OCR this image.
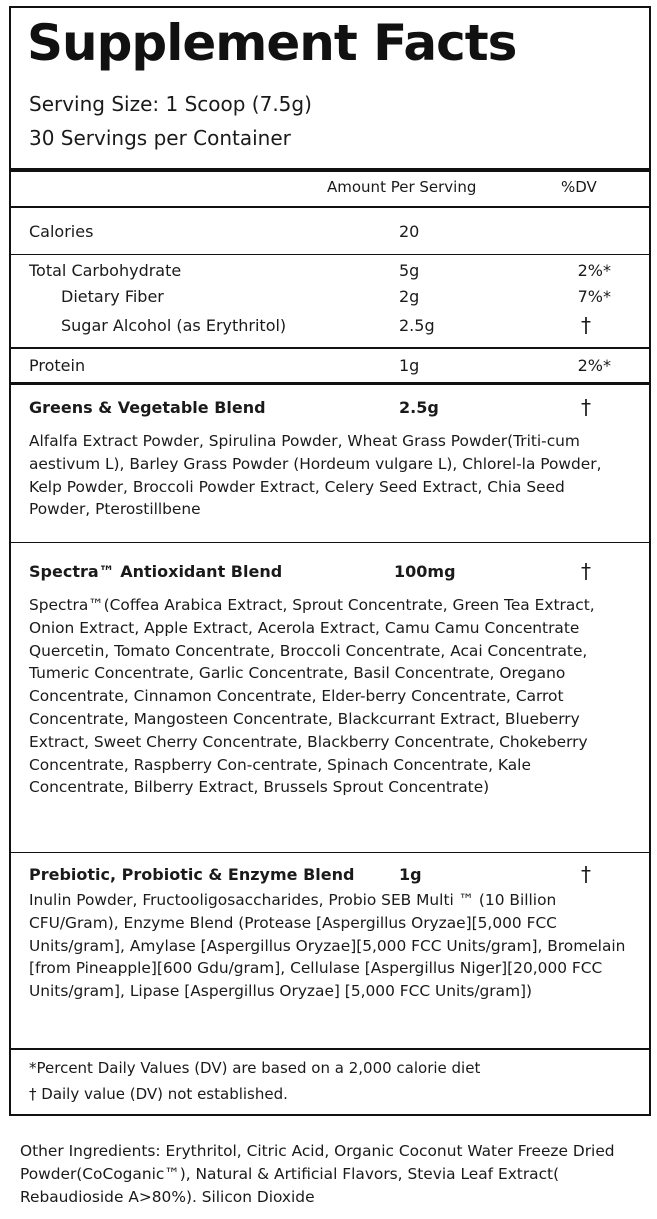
Supplement Facts
Serving Size: 1 Scoop (7.5g)
30 Servings per Container
Amount Per Serving	%DV
Calories	20
Total Carbohydrate	5g	2%*
Dietary Fiber	2g	7%*
Sugar Alcohol (as Erythritol)	2.5g	†
Protein	1g	2%*
Greens & Vegetable Blend	2.5g	†
Alfalfa Extract Powder, Spirulina Powder, Wheat Grass Powder(Triti-cum aestivum L), Barley Grass Powder (Hordeum vulgare L), Chlorel-la Powder, Kelp Powder, Broccoli Powder Extract, Celery Seed Extract, Chia Seed Powder, Pterostillbene
Spectra™ Antioxidant Blend	100mg	†
Spectra™(Coffea Arabica Extract, Sprout Concentrate, Green Tea Extract, Onion Extract, Apple Extract, Acerola Extract, Camu Camu Concentrate Quercetin, Tomato Concentrate, Broccoli Concentrate, Acai Concentrate, Tumeric Concentrate, Garlic Concentrate, Basil Concentrate, Oregano Concentrate, Cinnamon Concentrate, Elder-berry Concentrate, Carrot Concentrate, Mangosteen Concentrate, Blackcurrant Extract, Blueberry Extract, Sweet Cherry Concentrate, Blackberry Concentrate, Chokeberry Concentrate, Raspberry Con-centrate, Spinach Concentrate, Kale Concentrate, Bilberry Extract, Brussels Sprout Concentrate)
Prebiotic, Probiotic & Enzyme Blend	1g	†
Inulin Powder, Fructooligosaccharides, Probio SEB Multi ™ (10 Billion CFU/Gram), Enzyme Blend (Protease [Aspergillus Oryzae][5,000 FCC Units/gram], Amylase [Aspergillus Oryzae][5,000 FCC Units/gram], Bromelain [from Pineapple][600 Gdu/gram], Cellulase [Aspergillus Niger][20,000 FCC Units/gram], Lipase [Aspergillus Oryzae] [5,000 FCC Units/gram])
*Percent Daily Values (DV) are based on a 2,000 calorie diet
† Daily value (DV) not established.
Other Ingredients: Erythritol, Citric Acid, Organic Coconut Water Freeze Dried Powder(CoCoganic™), Natural & Artificial Flavors, Stevia Leaf Extract( Rebaudioside A>80%). Silicon Dioxide
